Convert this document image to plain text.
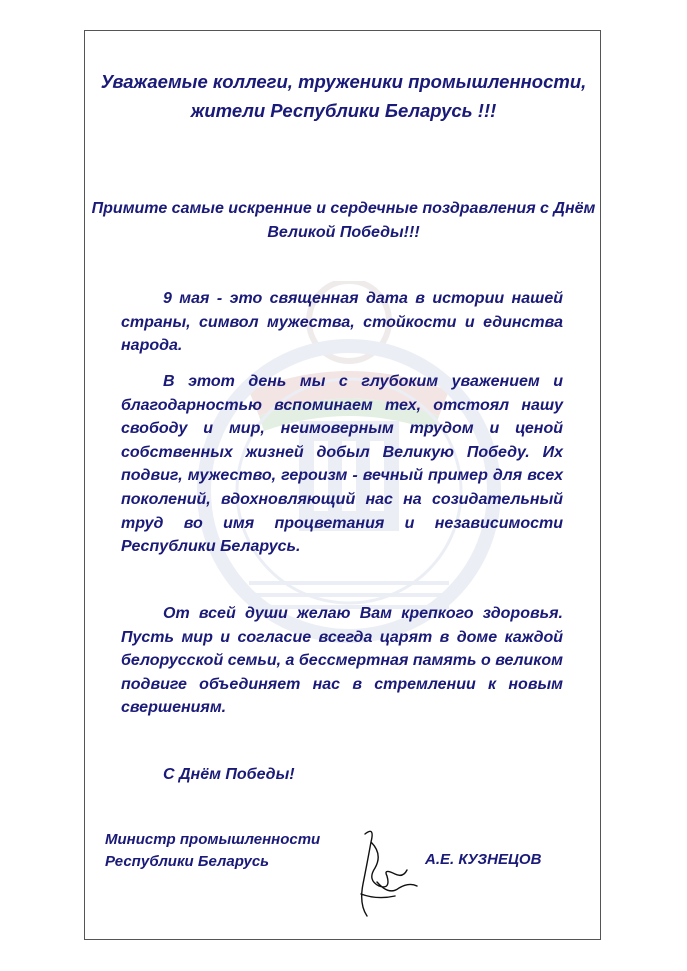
Уважаемые коллеги, труженики промышленности, жители Республики Беларусь !!!
Примите самые искренние и сердечные поздравления с Днём Великой Победы!!!
9 мая - это священная дата в истории нашей страны, символ мужества, стойкости и единства народа.
В этот день мы с глубоким уважением и благодарностью вспоминаем тех, отстоял нашу свободу и мир, неимоверным трудом и ценой собственных жизней добыл Великую Победу. Их подвиг, мужество, героизм - вечный пример для всех поколений, вдохновляющий нас на созидательный труд во имя процветания и независимости Республики Беларусь.
От всей души желаю Вам крепкого здоровья. Пусть мир и согласие всегда царят в доме каждой белорусской семьи, а бессмертная память о великом подвиге объединяет нас в стремлении к новым свершениям.
С Днём Победы!
Министр промышленности
Республики Беларусь	А.Е. КУЗНЕЦОВ
